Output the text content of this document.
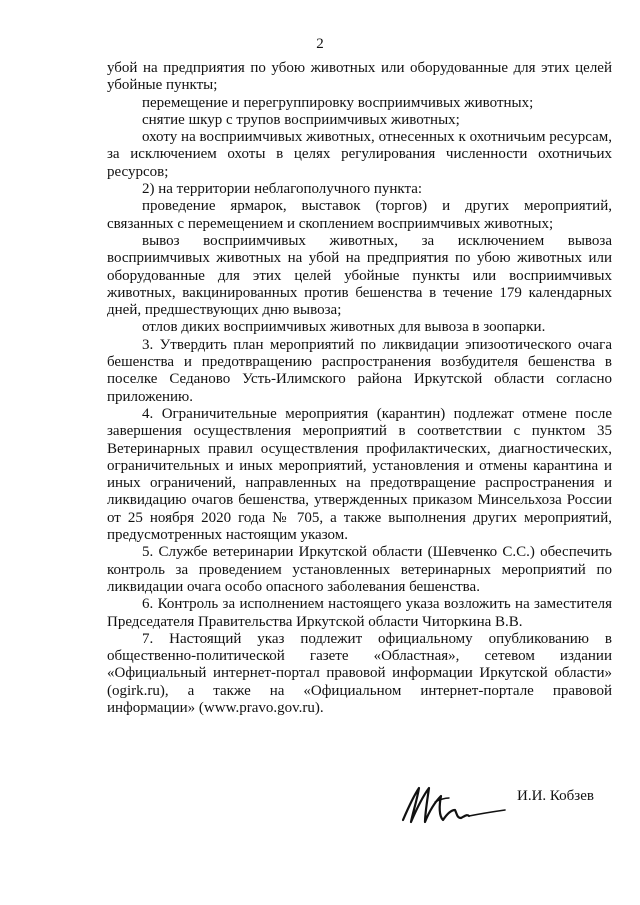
2

убой на предприятия по убою животных или оборудованные для этих целей убойные пункты;

перемещение и перегруппировку восприимчивых животных;

снятие шкур с трупов восприимчивых животных;

охоту на восприимчивых животных, отнесенных к охотничьим ресурсам, за исключением охоты в целях регулирования численности охотничьих ресурсов;

2) на территории неблагополучного пункта:

проведение ярмарок, выставок (торгов) и других мероприятий, связанных с перемещением и скоплением восприимчивых животных;

вывоз восприимчивых животных, за исключением вывоза восприимчивых животных на убой на предприятия по убою животных или оборудованные для этих целей убойные пункты или восприимчивых животных, вакцинированных против бешенства в течение 179 календарных дней, предшествующих дню вывоза;

отлов диких восприимчивых животных для вывоза в зоопарки.

3. Утвердить план мероприятий по ликвидации эпизоотического очага бешенства и предотвращению распространения возбудителя бешенства в поселке Седаново Усть-Илимского района Иркутской области согласно приложению.

4. Ограничительные мероприятия (карантин) подлежат отмене после завершения осуществления мероприятий в соответствии с пунктом 35 Ветеринарных правил осуществления профилактических, диагностических, ограничительных и иных мероприятий, установления и отмены карантина и иных ограничений, направленных на предотвращение распространения и ликвидацию очагов бешенства, утвержденных приказом Минсельхоза России от 25 ноября 2020 года № 705, а также выполнения других мероприятий, предусмотренных настоящим указом.

5. Службе ветеринарии Иркутской области (Шевченко С.С.) обеспечить контроль за проведением установленных ветеринарных мероприятий по ликвидации очага особо опасного заболевания бешенства.

6. Контроль за исполнением настоящего указа возложить на заместителя Председателя Правительства Иркутской области Читоркина В.В.

7. Настоящий указ подлежит официальному опубликованию в общественно-политической газете «Областная», сетевом издании «Официальный интернет-портал правовой информации Иркутской области» (ogirk.ru), а также на «Официальном интернет-портале правовой информации» (www.pravo.gov.ru).

И.И. Кобзев
